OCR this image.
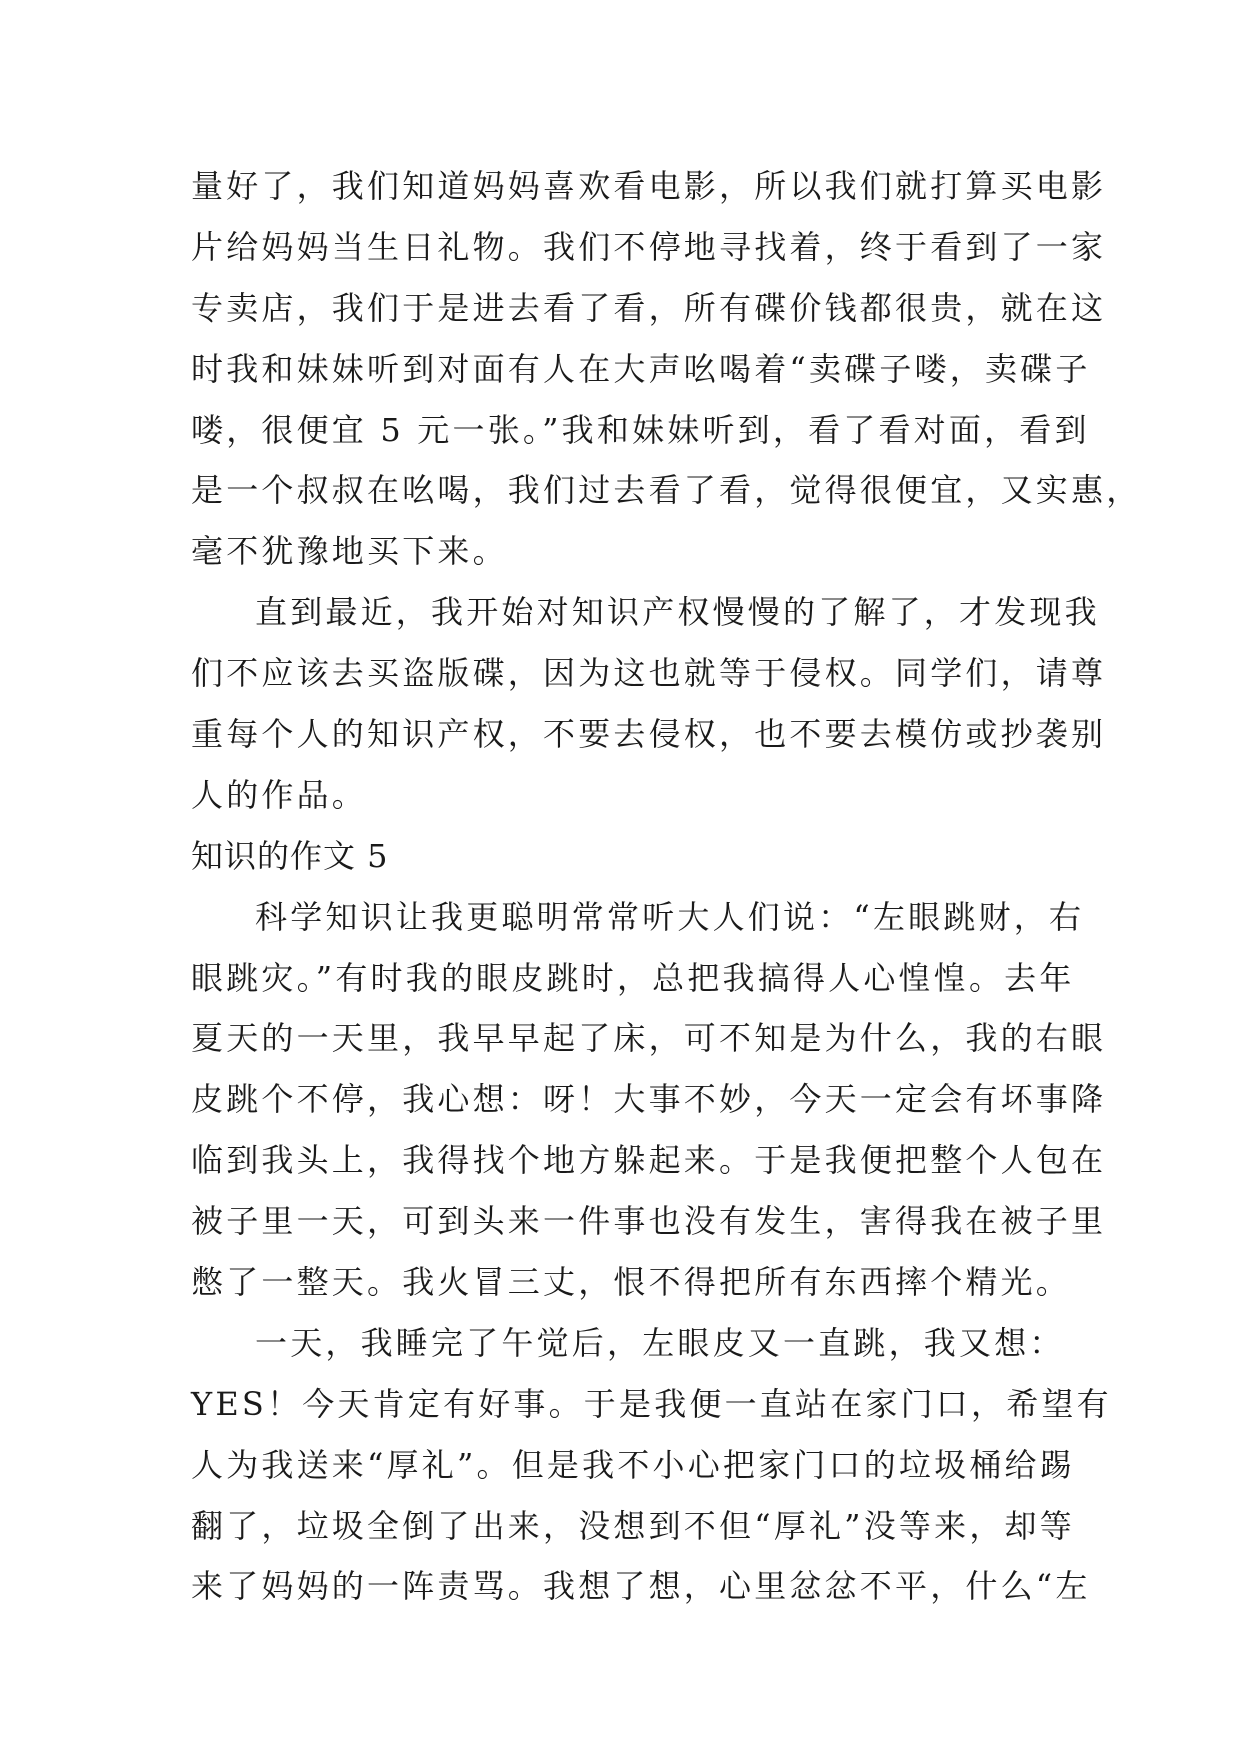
量好了，我们知道妈妈喜欢看电影，所以我们就打算买电影
片给妈妈当生日礼物。我们不停地寻找着，终于看到了一家
专卖店，我们于是进去看了看，所有碟价钱都很贵，就在这
时我和妹妹听到对面有人在大声吆喝着“卖碟子喽，卖碟子
喽，很便宜 5 元一张。”我和妹妹听到，看了看对面，看到
是一个叔叔在吆喝，我们过去看了看，觉得很便宜，又实惠，
毫不犹豫地买下来。
直到最近，我开始对知识产权慢慢的了解了，才发现我
们不应该去买盗版碟，因为这也就等于侵权。同学们，请尊
重每个人的知识产权，不要去侵权，也不要去模仿或抄袭别
人的作品。
知识的作文 5
科学知识让我更聪明常常听大人们说：“左眼跳财，右
眼跳灾。”有时我的眼皮跳时，总把我搞得人心惶惶。去年
夏天的一天里，我早早起了床，可不知是为什么，我的右眼
皮跳个不停，我心想：呀！大事不妙，今天一定会有坏事降
临到我头上，我得找个地方躲起来。于是我便把整个人包在
被子里一天，可到头来一件事也没有发生，害得我在被子里
憋了一整天。我火冒三丈，恨不得把所有东西摔个精光。
一天，我睡完了午觉后，左眼皮又一直跳，我又想：
YES！今天肯定有好事。于是我便一直站在家门口，希望有
人为我送来“厚礼”。但是我不小心把家门口的垃圾桶给踢
翻了，垃圾全倒了出来，没想到不但“厚礼”没等来，却等
来了妈妈的一阵责骂。我想了想，心里忿忿不平，什么“左
